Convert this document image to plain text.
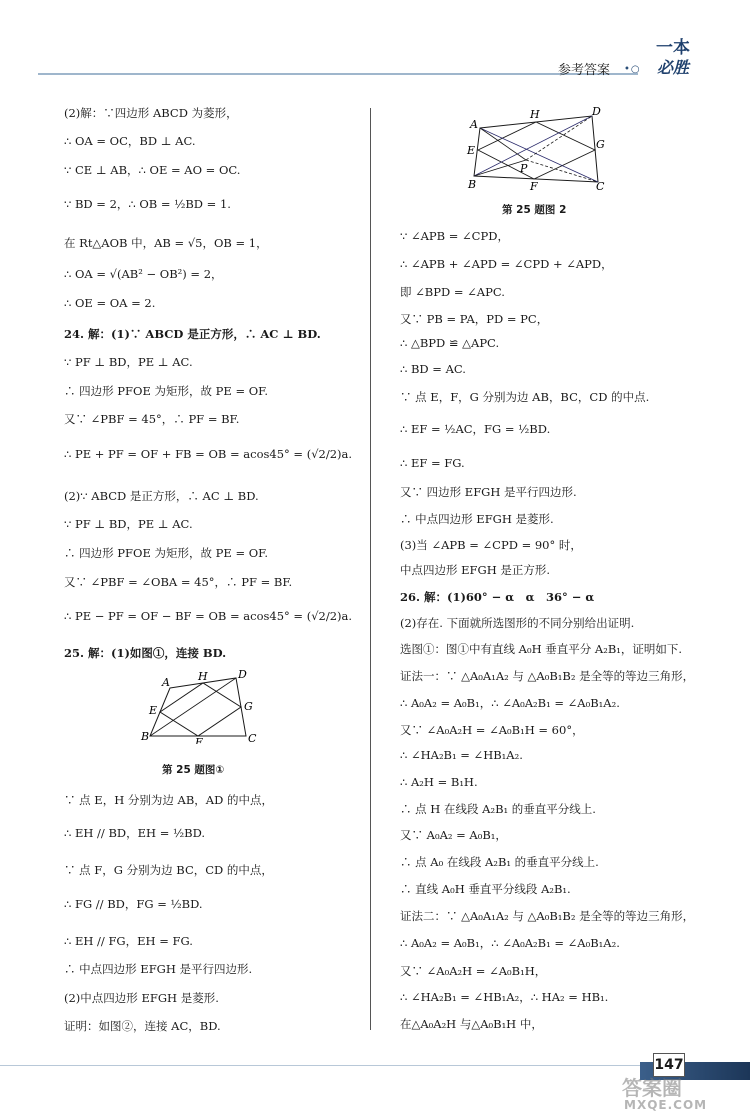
参考答案 •○
一本
必胜
(2)解：∵四边形 ABCD 为菱形，
∴ OA = OC，BD ⊥ AC.
∵ CE ⊥ AB，∴ OE = AO = OC.
∵ BD = 2，∴ OB = ½BD = 1.
在 Rt△AOB 中，AB = √5，OB = 1，
∴ OA = √(AB² − OB²) = 2，
∴ OE = OA = 2.
24. 解：(1)∵ ABCD 是正方形，∴ AC ⊥ BD.
∵ PF ⊥ BD，PE ⊥ AC.
∴ 四边形 PFOE 为矩形，故 PE = OF.
又∵ ∠PBF = 45°，∴ PF = BF.
∴ PE + PF = OF + FB = OB = acos45° = (√2/2)a.
(2)∵ ABCD 是正方形，∴ AC ⊥ BD.
∵ PF ⊥ BD，PE ⊥ AC.
∴ 四边形 PFOE 为矩形，故 PE = OF.
又∵ ∠PBF = ∠OBA = 45°，∴ PF = BF.
∴ PE − PF = OF − BF = OB = acos45° = (√2/2)a.
25. 解：(1)如图①，连接 BD.
A	H	D
E	G
B	F	C
第 25 题图①
∵ 点 E，H 分别为边 AB，AD 的中点，
∴ EH // BD，EH = ½BD.
∵ 点 F，G 分别为边 BC，CD 的中点，
∴ FG // BD，FG = ½BD.
∴ EH // FG，EH = FG.
∴ 中点四边形 EFGH 是平行四边形.
(2)中点四边形 EFGH 是菱形.
证明：如图②，连接 AC，BD.
A
H	D
E	G
P
B	F	C
第 25 题图 2
∵ ∠APB = ∠CPD，
∴ ∠APB + ∠APD = ∠CPD + ∠APD，
即 ∠BPD = ∠APC.
又∵ PB = PA，PD = PC，
∴ △BPD ≌ △APC.
∴ BD = AC.
∵ 点 E，F，G 分别为边 AB，BC，CD 的中点.
∴ EF = ½AC，FG = ½BD.
∴ EF = FG.
又∵ 四边形 EFGH 是平行四边形.
∴ 中点四边形 EFGH 是菱形.
(3)当 ∠APB = ∠CPD = 90° 时，
中点四边形 EFGH 是正方形.
26. 解：(1)60° − α　α　36° − α
(2)存在. 下面就所选图形的不同分别给出证明.
选图①：图①中有直线 A₀H 垂直平分 A₂B₁，证明如下.
证法一：∵ △A₀A₁A₂ 与 △A₀B₁B₂ 是全等的等边三角形，
∴ A₀A₂ = A₀B₁，∴ ∠A₀A₂B₁ = ∠A₀B₁A₂.
又∵ ∠A₀A₂H = ∠A₀B₁H = 60°，
∴ ∠HA₂B₁ = ∠HB₁A₂.
∴ A₂H = B₁H.
∴ 点 H 在线段 A₂B₁ 的垂直平分线上.
又∵ A₀A₂ = A₀B₁，
∴ 点 A₀ 在线段 A₂B₁ 的垂直平分线上.
∴ 直线 A₀H 垂直平分线段 A₂B₁.
证法二：∵ △A₀A₁A₂ 与 △A₀B₁B₂ 是全等的等边三角形，
∴ A₀A₂ = A₀B₁，∴ ∠A₀A₂B₁ = ∠A₀B₁A₂.
又∵ ∠A₀A₂H = ∠A₀B₁H，
∴ ∠HA₂B₁ = ∠HB₁A₂，∴ HA₂ = HB₁.
在△A₀A₂H 与△A₀B₁H 中，
147
答案圈
MXQE.COM
